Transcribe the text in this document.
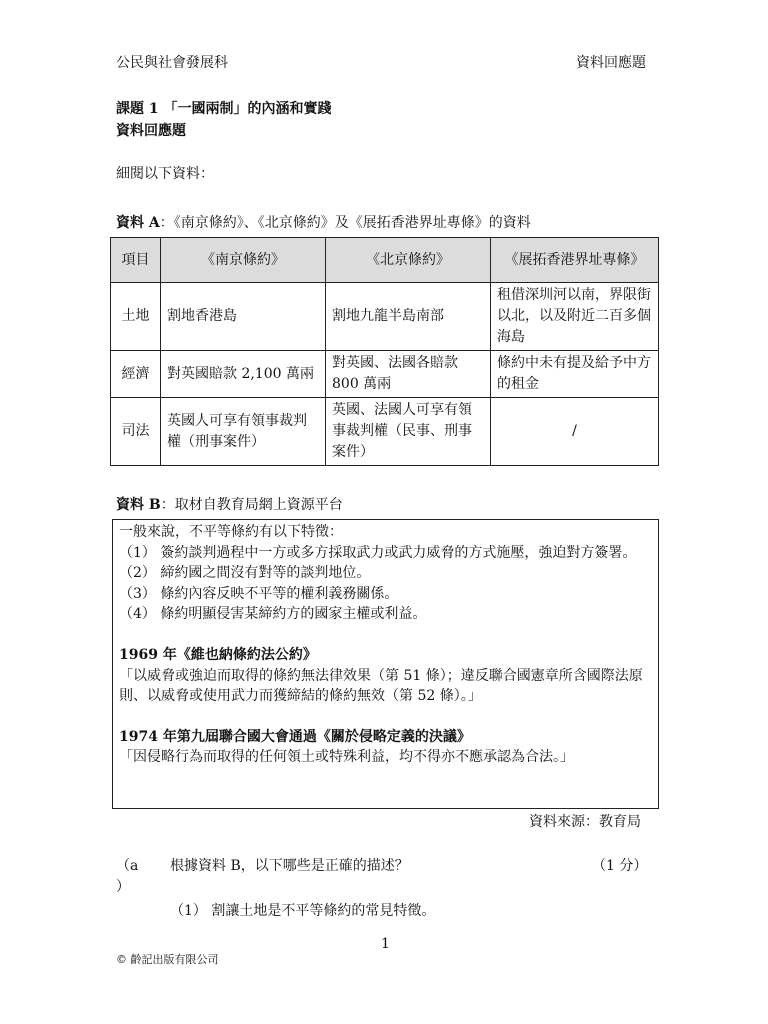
公民與社會發展科	資料回應題
課題 1 「一國兩制」的內涵和實踐
資料回應題
細閱以下資料：
資料 A：《南京條約》、《北京條約》及《展拓香港界址專條》的資料
項目	《南京條約》	《北京條約》	《展拓香港界址專條》
土地	割地香港島	割地九龍半島南部	租借深圳河以南，界限街以北，以及附近二百多個海島
經濟	對英國賠款 2,100 萬兩	對英國、法國各賠款 800 萬兩	條約中未有提及給予中方的租金
司法	英國人可享有領事裁判權（刑事案件）	英國、法國人可享有領事裁判權（民事、刑事案件）	/
資料 B：取材自教育局網上資源平台

一般來說，不平等條約有以下特徵：

（1） 簽約談判過程中一方或多方採取武力或武力威脅的方式施壓，強迫對方簽署。

（2） 締約國之間沒有對等的談判地位。

（3） 條約內容反映不平等的權利義務關係。

（4） 條約明顯侵害某締約方的國家主權或利益。

1969 年《維也納條約法公約》

「以威脅或強迫而取得的條約無法律效果（第 51 條）；違反聯合國憲章所含國際法原則、以威脅或使用武力而獲締結的條約無效（第 52 條）。」

1974 年第九屆聯合國大會通過《關於侵略定義的決議》

「因侵略行為而取得的任何領土或特殊利益，均不得亦不應承認為合法。」

資料來源：教育局
（a
）
根據資料 B，以下哪些是正確的描述？	（1 分）
（1） 割讓土地是不平等條約的常見特徵。
1
© 齡記出版有限公司
